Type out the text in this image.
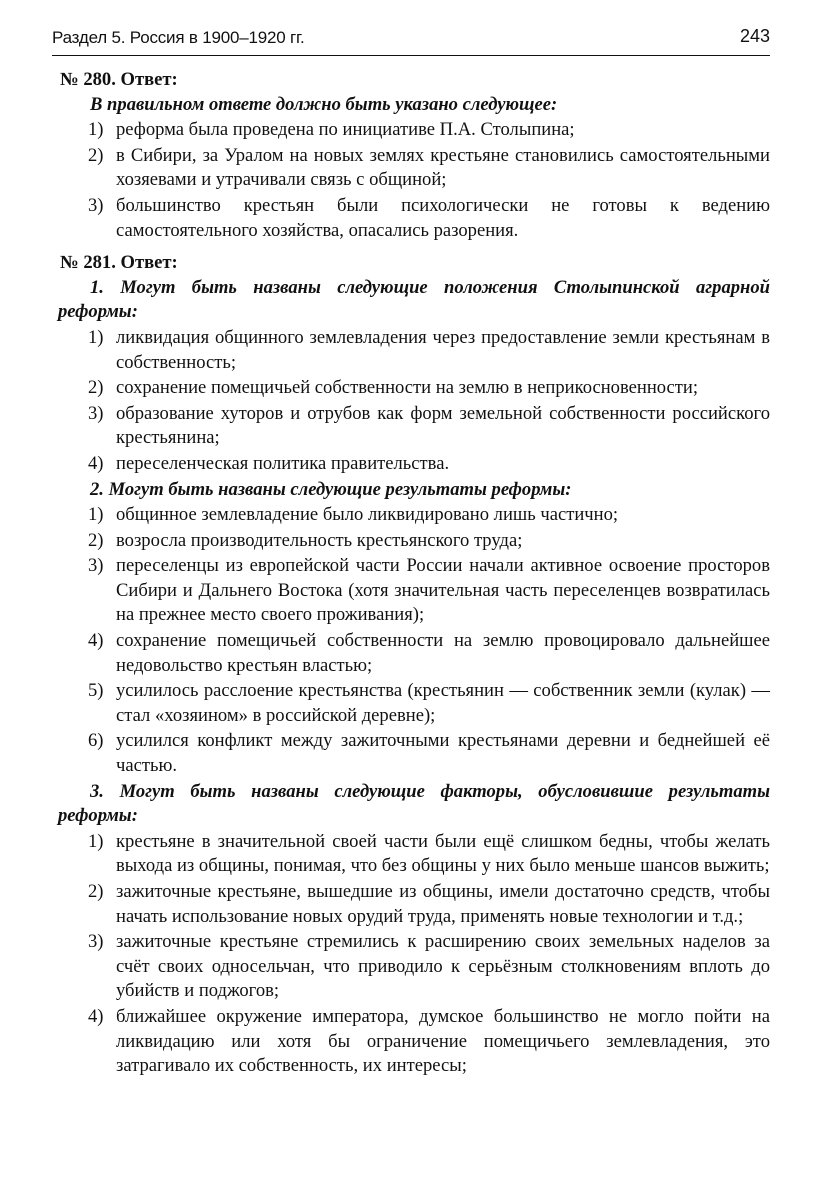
Раздел 5. Россия в 1900–1920 гг.	243

№ 280. Ответ:

В правильном ответе должно быть указано следующее:

1) реформа была проведена по инициативе П.А. Столыпина;
2) в Сибири, за Уралом на новых землях крестьяне становились самостоятельными хозяевами и утрачивали связь с общиной;
3) большинство крестьян были психологически не готовы к ведению самостоятельного хозяйства, опасались разорения.

№ 281. Ответ:

1. Могут быть названы следующие положения Столыпинской аграрной реформы:

1) ликвидация общинного землевладения через предоставление земли крестьянам в собственность;
2) сохранение помещичьей собственности на землю в неприкосновенности;
3) образование хуторов и отрубов как форм земельной собственности российского крестьянина;
4) переселенческая политика правительства.

2. Могут быть названы следующие результаты реформы:

1) общинное землевладение было ликвидировано лишь частично;
2) возросла производительность крестьянского труда;
3) переселенцы из европейской части России начали активное освоение просторов Сибири и Дальнего Востока (хотя значительная часть переселенцев возвратилась на прежнее место своего проживания);
4) сохранение помещичьей собственности на землю провоцировало дальнейшее недовольство крестьян властью;
5) усилилось расслоение крестьянства (крестьянин — собственник земли (кулак) — стал «хозяином» в российской деревне);
6) усилился конфликт между зажиточными крестьянами деревни и беднейшей её частью.

3. Могут быть названы следующие факторы, обусловившие результаты реформы:

1) крестьяне в значительной своей части были ещё слишком бедны, чтобы желать выхода из общины, понимая, что без общины у них было меньше шансов выжить;
2) зажиточные крестьяне, вышедшие из общины, имели достаточно средств, чтобы начать использование новых орудий труда, применять новые технологии и т.д.;
3) зажиточные крестьяне стремились к расширению своих земельных наделов за счёт своих односельчан, что приводило к серьёзным столкновениям вплоть до убийств и поджогов;
4) ближайшее окружение императора, думское большинство не могло пойти на ликвидацию или хотя бы ограничение помещичьего землевладения, это затрагивало их собственность, их интересы;
